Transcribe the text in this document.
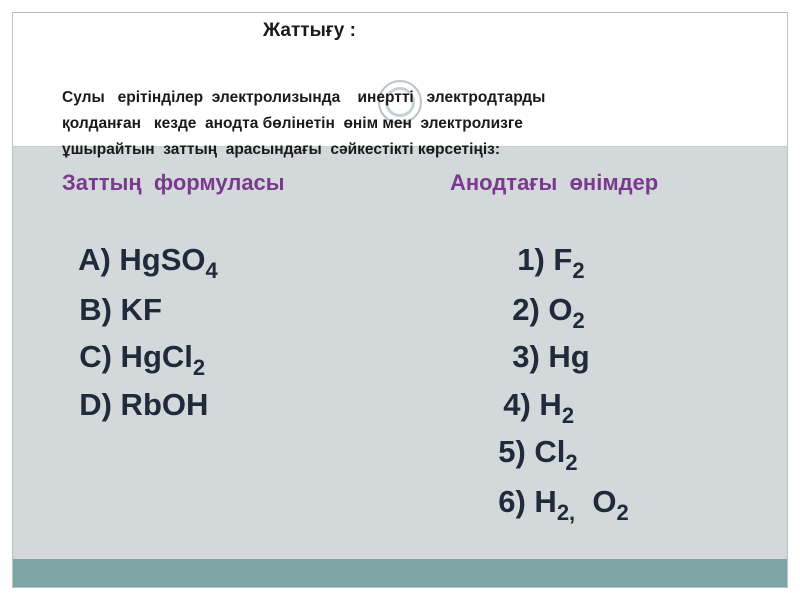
Жаттығу :
Сулы   ерітінділер  электролизында    инертті   электродтарды
қолданған   кезде  анодта бөлінетін  өнім мен  электролизге
ұшырайтын  заттың  арасындағы  сәйкестікті көрсетіңіз:
Заттың  формуласы	Анодтағы  өнімдер

A) HgSO$_4$

B) KF

C) HgCl$_2$

D) RbOH

1) $F_2$

2) $O_2$

3) Hg

4) $H_2$

5) $Cl_2$

6) $H_{2,}$  $O_2$
